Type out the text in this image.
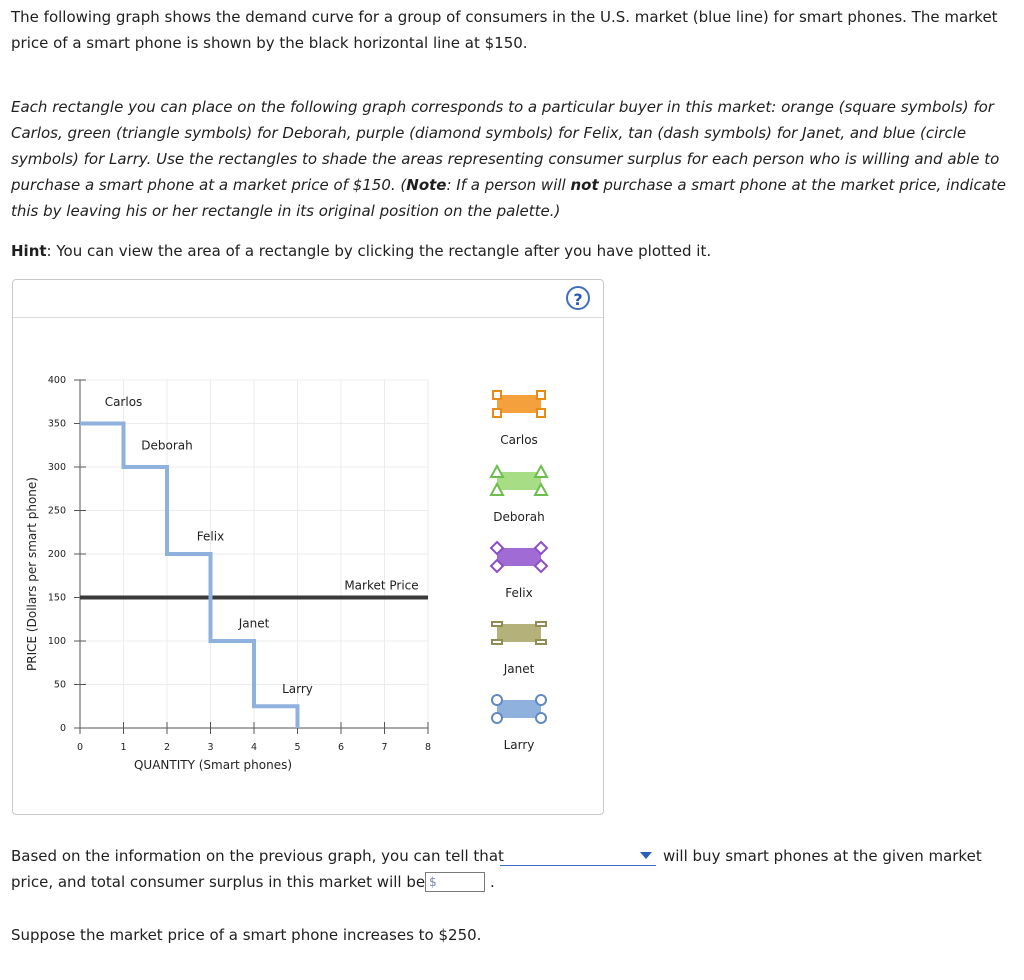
The following graph shows the demand curve for a group of consumers in the U.S. market (blue line) for smart phones. The market price of a smart phone is shown by the black horizontal line at $150.

Each rectangle you can place on the following graph corresponds to a particular buyer in this market: orange (square symbols) for Carlos, green (triangle symbols) for Deborah, purple (diamond symbols) for Felix, tan (dash symbols) for Janet, and blue (circle symbols) for Larry. Use the rectangles to shade the areas representing consumer surplus for each person who is willing and able to purchase a smart phone at a market price of $150. (Note: If a person will not purchase a smart phone at the market price, indicate this by leaving his or her rectangle in its original position on the palette.)

Hint: You can view the area of a rectangle by clicking the rectangle after you have plotted it.

?
0
50
100
150
200
250
300
350
400
0	1	2	3	4	5	6	7	8
QUANTITY (Smart phones)
PRICE (Dollars per smart phone)	Market Price
Carlos
Deborah
Felix
Janet
Larry
Carlos
Deborah
Felix
Janet
Larry
Based on the information on the previous graph, you can tell that	will buy smart phones at the given market
price, and total consumer surplus in this market will be $	.
Suppose the market price of a smart phone increases to $250.
